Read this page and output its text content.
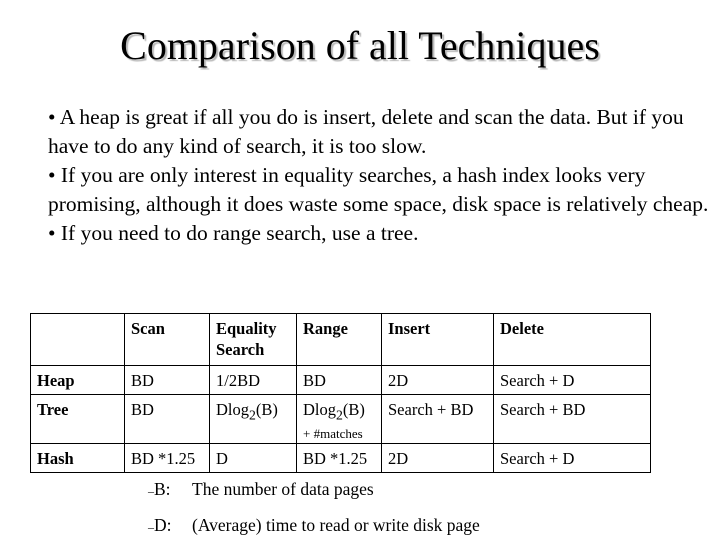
Comparison of all Techniques

• A heap is great if all you do is insert, delete and scan the data. But if you have to do any kind of search, it is too slow.

• If you are only interest in equality searches, a hash index looks very promising, although it does waste some space, disk space is relatively cheap.

• If you need to do range search, use a tree.

	Scan	Equality Search	Range	Insert	Delete
Heap	BD	1/2BD	BD	2D	Search + D
Tree	BD	Dlog$_2$(B)	Dlog$_2$(B)
+ #matches	Search + BD	Search + BD
Hash	BD *1.25	D	BD *1.25	2D	Search + D
–B: The number of data pages
–D: (Average) time to read or write disk page
